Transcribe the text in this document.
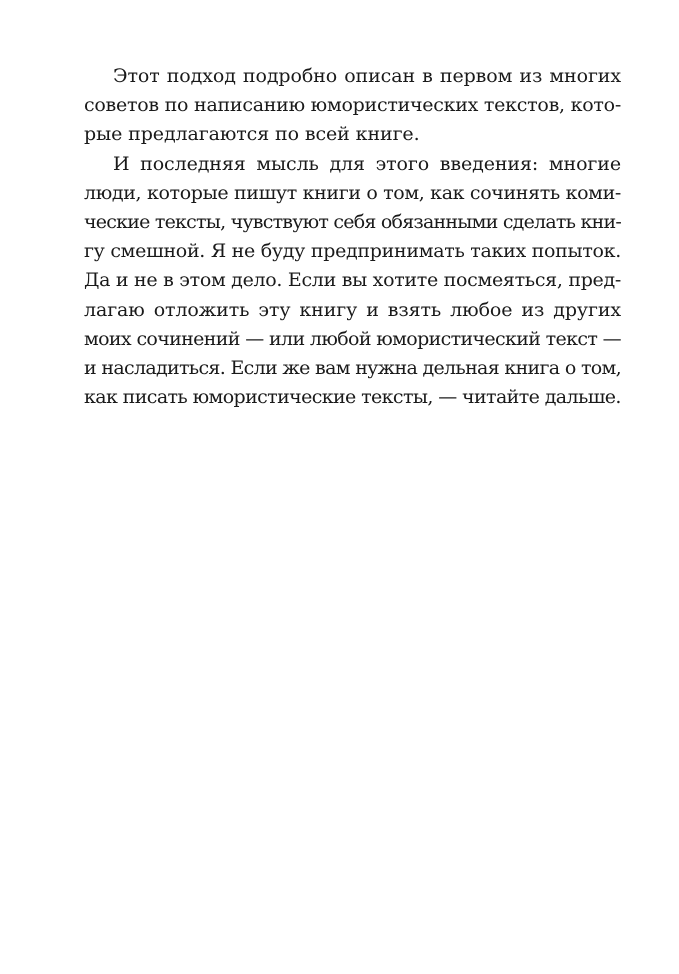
Этот подход подробно описан в первом из многих
советов по написанию юмористических текстов, кото-
рые предлагаются по всей книге.
И последняя мысль для этого введения: многие
люди, которые пишут книги о том, как сочинять коми-
ческие тексты, чувствуют себя обязанными сделать кни-
гу смешной. Я не буду предпринимать таких попыток.
Да и не в этом дело. Если вы хотите посмеяться, пред-
лагаю отложить эту книгу и взять любое из других
моих сочинений — или любой юмористический текст —
и насладиться. Если же вам нужна дельная книга о том,
как писать юмористические тексты, — читайте дальше.
